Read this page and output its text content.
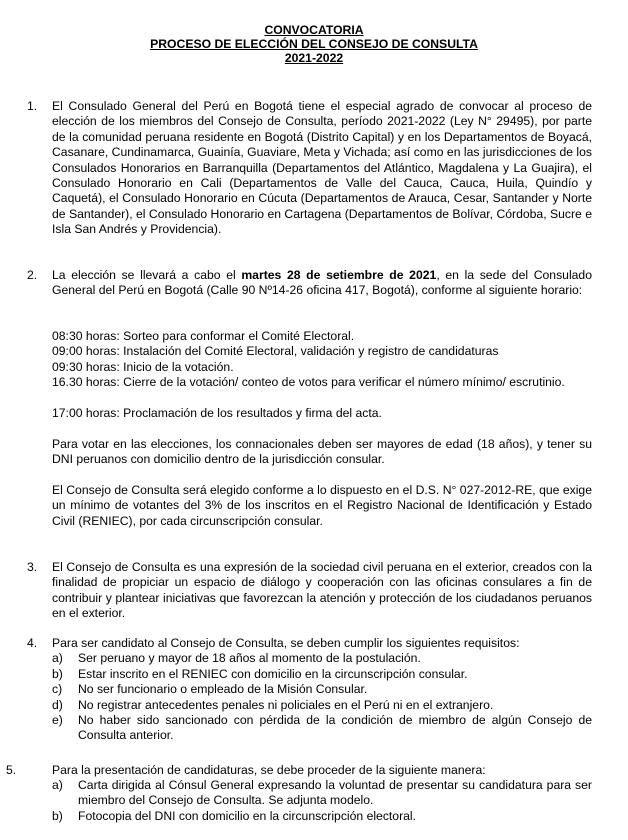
CONVOCATORIA
PROCESO DE ELECCIÓN DEL CONSEJO DE CONSULTA
2021-2022
1. El Consulado General del Perú en Bogotá tiene el especial agrado de convocar al proceso de elección de los miembros del Consejo de Consulta, período 2021-2022 (Ley N° 29495), por parte de la comunidad peruana residente en Bogotá (Distrito Capital) y en los Departamentos de Boyacá, Casanare, Cundinamarca, Guainía, Guaviare, Meta y Vichada; así como en las jurisdicciones de los Consulados Honorarios en Barranquilla (Departamentos del Atlántico, Magdalena y La Guajira), el Consulado Honorario en Cali (Departamentos de Valle del Cauca, Cauca, Huila, Quindío y Caquetá), el Consulado Honorario en Cúcuta (Departamentos de Arauca, Cesar, Santander y Norte de Santander), el Consulado Honorario en Cartagena (Departamentos de Bolívar, Córdoba, Sucre e Isla San Andrés y Providencia).
2. La elección se llevará a cabo el martes 28 de setiembre de 2021, en la sede del Consulado General del Perú en Bogotá (Calle 90 Nº14-26 oficina 417, Bogotá), conforme al siguiente horario:
08:30 horas: Sorteo para conformar el Comité Electoral.
09:00 horas: Instalación del Comité Electoral, validación y registro de candidaturas
09:30 horas: Inicio de la votación.
16.30 horas: Cierre de la votación/ conteo de votos para verificar el número mínimo/ escrutinio.
17:00 horas: Proclamación de los resultados y firma del acta.
Para votar en las elecciones, los connacionales deben ser mayores de edad (18 años), y tener su DNI peruanos con domicilio dentro de la jurisdicción consular.
El Consejo de Consulta será elegido conforme a lo dispuesto en el D.S. N° 027-2012-RE, que exige un mínimo de votantes del 3% de los inscritos en el Registro Nacional de Identificación y Estado Civil (RENIEC), por cada circunscripción consular.
3. El Consejo de Consulta es una expresión de la sociedad civil peruana en el exterior, creados con la finalidad de propiciar un espacio de diálogo y cooperación con las oficinas consulares a fin de contribuir y plantear iniciativas que favorezcan la atención y protección de los ciudadanos peruanos en el exterior.
4. Para ser candidato al Consejo de Consulta, se deben cumplir los siguientes requisitos:
a) Ser peruano y mayor de 18 años al momento de la postulación.
b) Estar inscrito en el RENIEC con domicilio en la circunscripción consular.
c) No ser funcionario o empleado de la Misión Consular.
d) No registrar antecedentes penales ni policiales en el Perú ni en el extranjero.
e)	No haber sido sancionado con pérdida de la condición de miembro de algún Consejo de Consulta anterior.
5.	Para la presentación de candidaturas, se debe proceder de la siguiente manera:
a)	Carta dirigida al Cónsul General expresando la voluntad de presentar su candidatura para ser miembro del Consejo de Consulta. Se adjunta modelo.
b) Fotocopia del DNI con domicilio en la circunscripción electoral.
